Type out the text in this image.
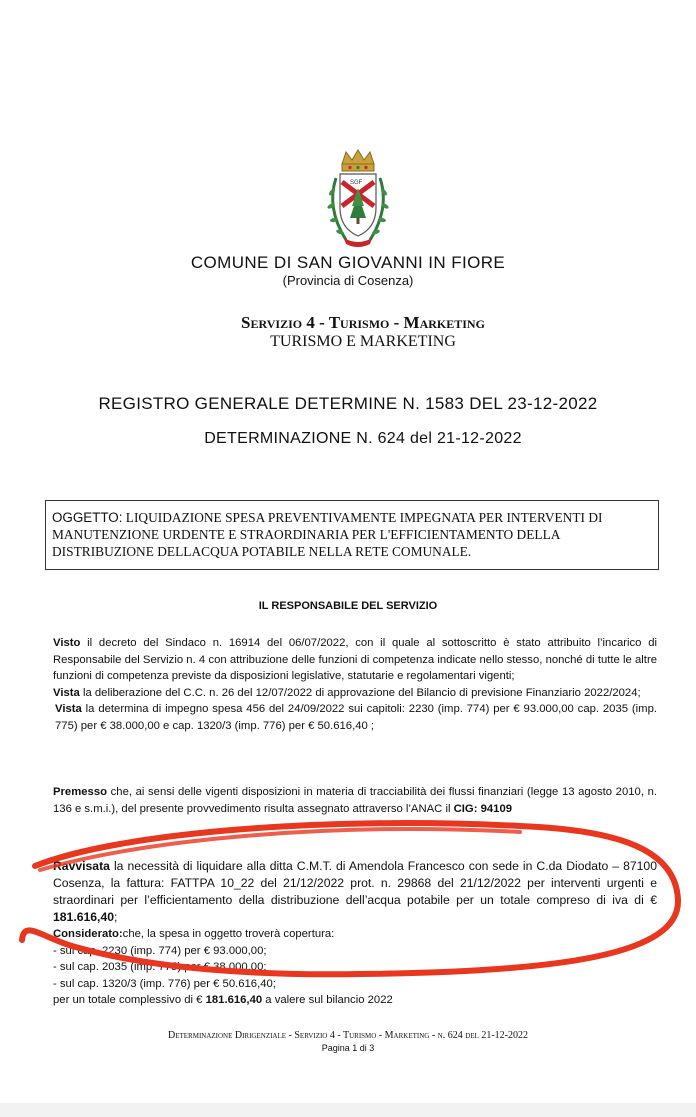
SGF
COMUNE DI SAN GIOVANNI IN FIORE
(Provincia di Cosenza)
Servizio 4 - Turismo - Marketing
TURISMO E MARKETING
REGISTRO GENERALE DETERMINE N. 1583 DEL 23-12-2022
DETERMINAZIONE N. 624 del 21-12-2022
OGGETTO: LIQUIDAZIONE SPESA PREVENTIVAMENTE IMPEGNATA PER INTERVENTI DI MANUTENZIONE URDENTE E STRAORDINARIA PER L'EFFICIENTAMENTO DELLA DISTRIBUZIONE DELLACQUA POTABILE NELLA RETE COMUNALE.
IL RESPONSABILE DEL SERVIZIO
Visto il decreto del Sindaco n. 16914 del 06/07/2022, con il quale al sottoscritto è stato attribuito l’incarico di Responsabile del Servizio n. 4 con attribuzione delle funzioni di competenza indicate nello stesso, nonché di tutte le altre funzioni di competenza previste da disposizioni legislative, statutarie e regolamentari vigenti;
Vista la deliberazione del C.C. n. 26 del 12/07/2022 di approvazione del Bilancio di previsione Finanziario 2022/2024;
Vista la determina di impegno spesa 456 del 24/09/2022 sui capitoli: 2230 (imp. 774) per € 93.000,00 cap. 2035 (imp. 775) per € 38.000,00 e cap. 1320/3 (imp. 776) per € 50.616,40 ;
Premesso che, ai sensi delle vigenti disposizioni in materia di tracciabilità dei flussi finanziari (legge 13 agosto 2010, n. 136 e s.m.i.), del presente provvedimento risulta assegnato attraverso l’ANAC il CIG: 94109
Ravvisata la necessità di liquidare alla ditta C.M.T. di Amendola Francesco con sede in C.da Diodato – 87100 Cosenza, la fattura: FATTPA 10_22 del 21/12/2022 prot. n. 29868 del 21/12/2022 per interventi urgenti e straordinari per l’efficientamento della distribuzione dell’acqua potabile per un totale compreso di iva di € 181.616,40;
Considerato:che, la spesa in oggetto troverà copertura:
- sul cap. 2230 (imp. 774) per € 93.000,00;
- sul cap. 2035 (imp. 775) per € 38.000,00;
- sul cap. 1320/3 (imp. 776) per € 50.616,40;
per un totale complessivo di € 181.616,40 a valere sul bilancio 2022
Determinazione Dirigenziale - Servizio 4 - Turismo - Marketing - n. 624 del 21-12-2022
Pagina 1 di 3
